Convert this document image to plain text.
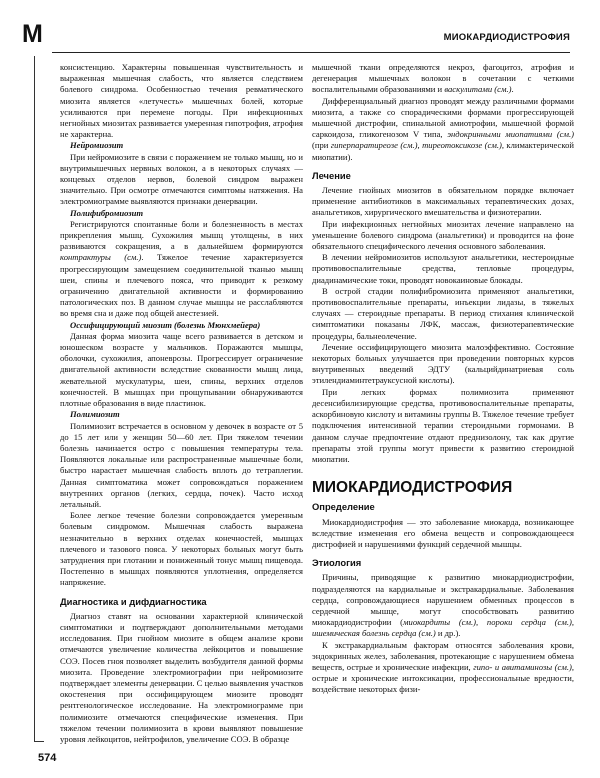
М	МИОКАРДИОДИСТРОФИЯ
574

консистенцию. Характерны повышенная чувствительность и выраженная мышечная слабость, что является следствием болевого синдрома. Особенностью течения ревматического миозита является «летучесть» мышечных болей, которые усиливаются при перемене погоды. При инфекционных негнойных миозитах развивается умеренная гипотрофия, атрофия не характерна.

Нейромиозит

При нейромиозите в связи с поражением не только мышц, но и внутримышечных нервных волокон, а в некоторых случаях — концевых отделов нервов, болевой синдром выражен значительно. При осмотре отмечаются симптомы натяжения. На электромиограмме выявляются признаки денервации.

Полифибромиозит

Регистрируются спонтанные боли и болезненность в местах прикрепления мышц. Сухожилия мышц утолщены, в них развиваются сокращения, а в дальнейшем формируются контрактуры (см.). Тяжелое течение характеризуется прогрессирующим замещением соединительной тканью мышц шеи, спины и плечевого пояса, что приводит к резкому ограничению двигательной активности и формированию патологических поз. В данном случае мышцы не расслабляются во время сна и даже под общей анестезией.

Оссифицирующий миозит (болезнь Мюнхмейера)

Данная форма миозита чаще всего развивается в детском и юношеском возрасте у мальчиков. Поражаются мышцы, оболочки, сухожилия, апоневрозы. Прогрессирует ограничение двигательной активности вследствие скованности мышц лица, жевательной мускулатуры, шеи, спины, верхних отделов конечностей. В мышцах при прощупывании обнаруживаются плотные образования в виде пластинок.

Полимиозит

Полимиозит встречается в основном у девочек в возрасте от 5 до 15 лет или у женщин 50—60 лет. При тяжелом течении болезнь начинается остро с повышения температуры тела. Появляются локальные или распространенные мышечные боли, быстро нарастает мышечная слабость вплоть до тетраплегии. Данная симптоматика может сопровождаться поражением внутренних органов (легких, сердца, почек). Часто исход летальный.

Более легкое течение болезни сопровождается умеренным болевым синдромом. Мышечная слабость выражена незначительно в верхних отделах конечностей, мышцах плечевого и тазового пояса. У некоторых больных могут быть затруднения при глотании и пониженный тонус мышц пищевода. Постепенно в мышцах появляются уплотнения, определяется напряжение.

Диагностика и дифдиагностика

Диагноз ставят на основании характерной клинической симптоматики и подтверждают дополнительными методами исследования. При гнойном миозите в общем анализе крови отмечаются увеличение количества лейкоцитов и повышение СОЭ. Посев гноя позволяет выделить возбудителя данной формы миозита. Проведение электромиографии при нейромиозите подтверждает элементы денервации. С целью выявления участков окостенения при оссифицирующем миозите проводят рентгенологическое исследование. На электромиограмме при полимиозите отмечаются специфические изменения. При тяжелом течении полимиозита в крови выявляют повышение уровня лейкоцитов, нейтрофилов, увеличение СОЭ. В образце

мышечной ткани определяются некроз, фагоцитоз, атрофия и дегенерация мышечных волокон в сочетании с четкими воспалительными образованиями и васкулитами (см.).

Дифференциальный диагноз проводят между различными формами миозита, а также со спорадическими формами прогрессирующей мышечной дистрофии, спинальной амиотрофии, мышечной формой саркоидоза, гликогенозом V типа, эндокринными миопатиями (см.) (при гиперпаратиреозе (см.), тиреотоксикозе (см.), климактерической миопатии).

Лечение

Лечение гнойных миозитов в обязательном порядке включает применение антибиотиков в максимальных терапевтических дозах, анальгетиков, хирургического вмешательства и физиотерапии.

При инфекционных негнойных миозитах лечение направлено на уменьшение болевого синдрома (анальгетики) и проводится на фоне обязательного специфического лечения основного заболевания.

В лечении нейромиозитов используют анальгетики, нестероидные противовоспалительные средства, тепловые процедуры, диадинамические токи, проводят новокаиновые блокады.

В острой стадии полифибромиозита применяют анальгетики, противовоспалительные препараты, инъекции лидазы, в тяжелых случаях — стероидные препараты. В период стихания клинической симптоматики показаны ЛФК, массаж, физиотерапевтические процедуры, бальнеолечение.

Лечение оссифицирующего миозита малоэффективно. Состояние некоторых больных улучшается при проведении повторных курсов внутривенных введений ЭДТУ (кальцийдинатриевая соль этилендиаминтетрауксусной кислоты).

При легких формах полимиозита применяют десенсибилизирующие средства, противовоспалительные препараты, аскорбиновую кислоту и витамины группы В. Тяжелое течение требует подключения интенсивной терапии стероидными гормонами. В данном случае предпочтение отдают преднизолону, так как другие препараты этой группы могут привести к развитию стероидной миопатии.

МИОКАРДИОДИСТРОФИЯ
Определение

Миокардиодистрофия — это заболевание миокарда, возникающее вследствие изменения его обмена веществ и сопровождающееся дистрофией и нарушениями функций сердечной мышцы.

Этиология

Причины, приводящие к развитию миокардиодистрофии, подразделяются на кардиальные и экстракардиальные. Заболевания сердца, сопровождающиеся нарушением обменных процессов в сердечной мышце, могут способствовать развитию миокардиодистрофии (миокардиты (см.), пороки сердца (см.), ишемическая болезнь сердца (см.) и др.).

К экстракардиальным факторам относятся заболевания крови, эндокринных желез, заболевания, протекающие с нарушением обмена веществ, острые и хронические инфекции, гипо- и авитаминозы (см.), острые и хронические интоксикации, профессиональные вредности, воздействие некоторых физи-
